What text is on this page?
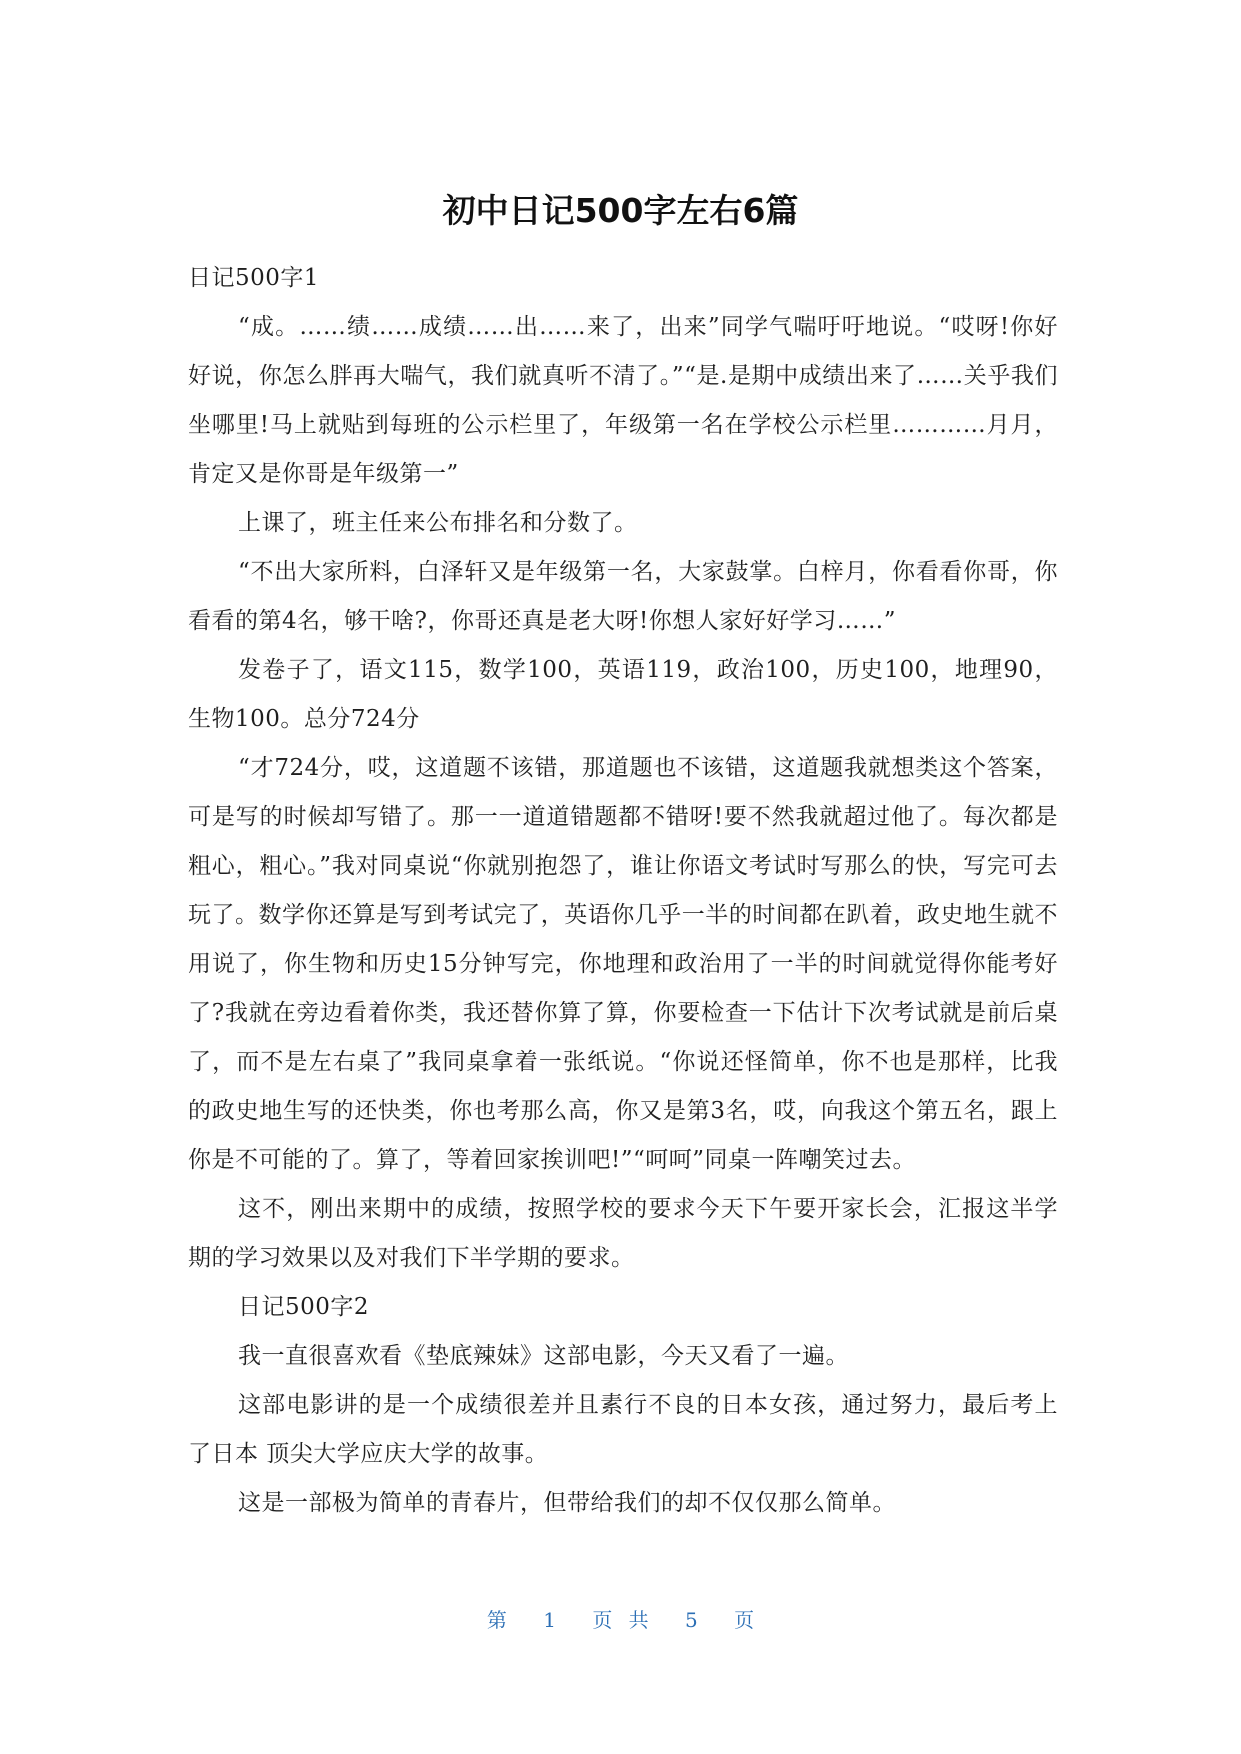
初中日记500字左右6篇

日记500字1

“成。……绩……成绩……出……来了，出来”同学气喘吁吁地说。“哎呀!你好好说，你怎么胖再大喘气，我们就真听不清了。”“是.是期中成绩出来了……关乎我们坐哪里!马上就贴到每班的公示栏里了，年级第一名在学校公示栏里…………月月，肯定又是你哥是年级第一”

上课了，班主任来公布排名和分数了。

“不出大家所料，白泽轩又是年级第一名，大家鼓掌。白梓月，你看看你哥，你看看的第4名，够干啥?，你哥还真是老大呀!你想人家好好学习……”

发卷子了，语文115，数学100，英语119，政治100，历史100，地理90，生物100。总分724分

“才724分，哎，这道题不该错，那道题也不该错，这道题我就想类这个答案，可是写的时候却写错了。那一一道道错题都不错呀!要不然我就超过他了。每次都是粗心，粗心。”我对同桌说“你就别抱怨了，谁让你语文考试时写那么的快，写完可去玩了。数学你还算是写到考试完了，英语你几乎一半的时间都在趴着，政史地生就不用说了，你生物和历史15分钟写完，你地理和政治用了一半的时间就觉得你能考好了?我就在旁边看着你类，我还替你算了算，你要检查一下估计下次考试就是前后桌了，而不是左右桌了”我同桌拿着一张纸说。“你说还怪简单，你不也是那样，比我的政史地生写的还快类，你也考那么高，你又是第3名，哎，向我这个第五名，跟上你是不可能的了。算了，等着回家挨训吧!”“呵呵”同桌一阵嘲笑过去。

这不，刚出来期中的成绩，按照学校的要求今天下午要开家长会，汇报这半学期的学习效果以及对我们下半学期的要求。

日记500字2

我一直很喜欢看《垫底辣妹》这部电影，今天又看了一遍。

这部电影讲的是一个成绩很差并且素行不良的日本女孩，通过努力，最后考上了日本 顶尖大学应庆大学的故事。

这是一部极为简单的青春片，但带给我们的却不仅仅那么简单。

第 1 页 共 5 页
